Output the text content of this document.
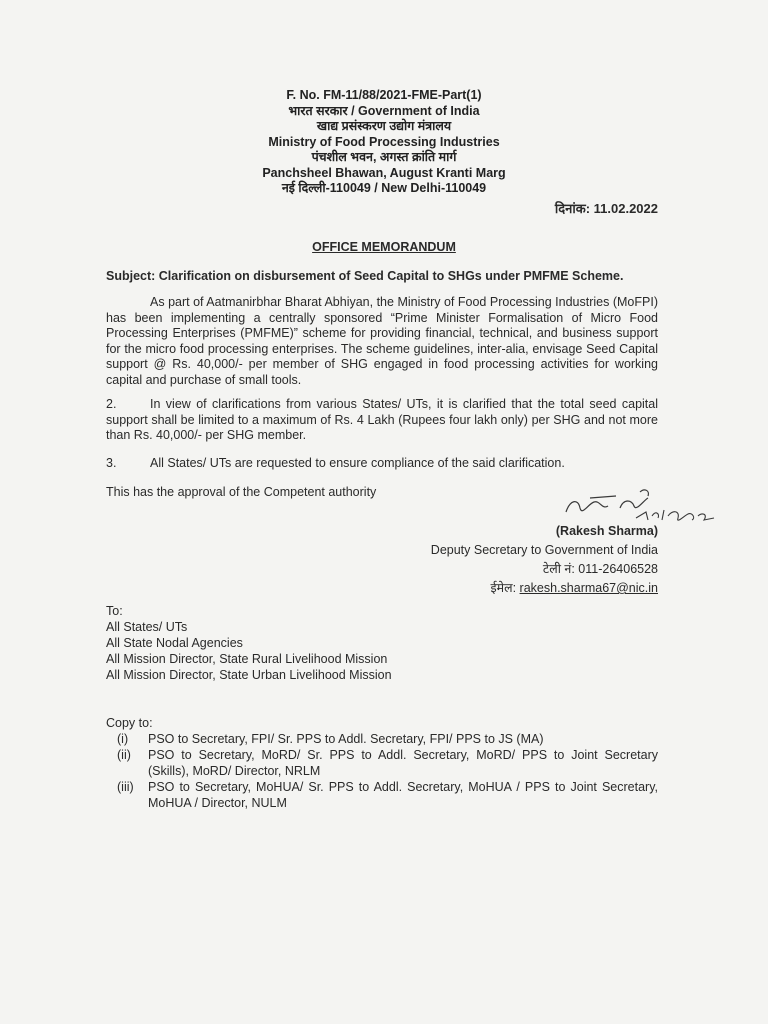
F. No. FM-11/88/2021-FME-Part(1)
भारत सरकार / Government of India
खाद्य प्रसंस्करण उद्योग मंत्रालय
Ministry of Food Processing Industries
पंचशील भवन, अगस्त क्रांति मार्ग
Panchsheel Bhawan, August Kranti Marg
नई दिल्ली-110049 / New Delhi-110049
दिनांक: 11.02.2022
OFFICE MEMORANDUM
Subject: Clarification on disbursement of Seed Capital to SHGs under PMFME Scheme.
As part of Aatmanirbhar Bharat Abhiyan, the Ministry of Food Processing Industries (MoFPI) has been implementing a centrally sponsored “Prime Minister Formalisation of Micro Food Processing Enterprises (PMFME)” scheme for providing financial, technical, and business support for the micro food processing enterprises. The scheme guidelines, inter-alia, envisage Seed Capital support @ Rs. 40,000/- per member of SHG engaged in food processing activities for working capital and purchase of small tools.
2.	In view of clarifications from various States/ UTs, it is clarified that the total seed capital support shall be limited to a maximum of Rs. 4 Lakh (Rupees four lakh only) per SHG and not more than Rs. 40,000/- per SHG member.
3.	All States/ UTs are requested to ensure compliance of the said clarification.
This has the approval of the Competent authority
(Rakesh Sharma)
Deputy Secretary to Government of India
टेली नं: 011-26406528
ईमेल: rakesh.sharma67@nic.in
To:
All States/ UTs
All State Nodal Agencies
All Mission Director, State Rural Livelihood Mission
All Mission Director, State Urban Livelihood Mission
Copy to:
(i)	PSO to Secretary, FPI/ Sr. PPS to Addl. Secretary, FPI/ PPS to JS (MA)
(ii)	PSO to Secretary, MoRD/ Sr. PPS to Addl. Secretary, MoRD/ PPS to Joint Secretary (Skills), MoRD/ Director, NRLM
(iii)	PSO to Secretary, MoHUA/ Sr. PPS to Addl. Secretary, MoHUA / PPS to Joint Secretary, MoHUA / Director, NULM
